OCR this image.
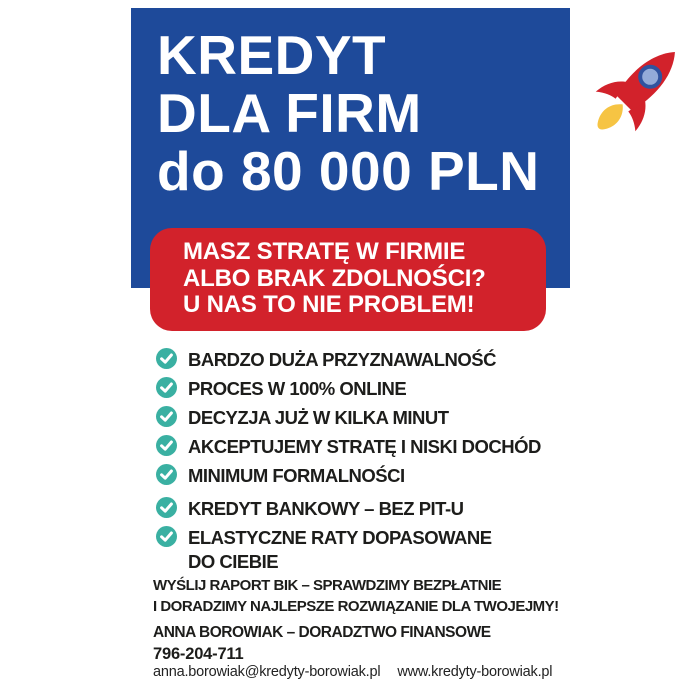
KREDYT
DLA FIRM
do 80 000 PLN
MASZ STRATĘ W FIRMIE
ALBO BRAK ZDOLNOŚCI?
U NAS TO NIE PROBLEM!
BARDZO DUŻA PRZYZNAWALNOŚĆ
PROCES W 100% ONLINE
DECYZJA JUŻ W KILKA MINUT
AKCEPTUJEMY STRATĘ I NISKI DOCHÓD
MINIMUM FORMALNOŚCI
KREDYT BANKOWY – BEZ PIT-U
ELASTYCZNE RATY DOPASOWANE DO CIEBIE
WYŚLIJ RAPORT BIK – SPRAWDZIMY BEZPŁATNIE
I DORADZIMY NAJLEPSZE ROZWIĄZANIE DLA TWOJEJMY!
ANNA BOROWIAK – DORADZTWO FINANSOWE
796-204-711
anna.borowiak@kredyty-borowiak.pl www.kredyty-borowiak.pl
